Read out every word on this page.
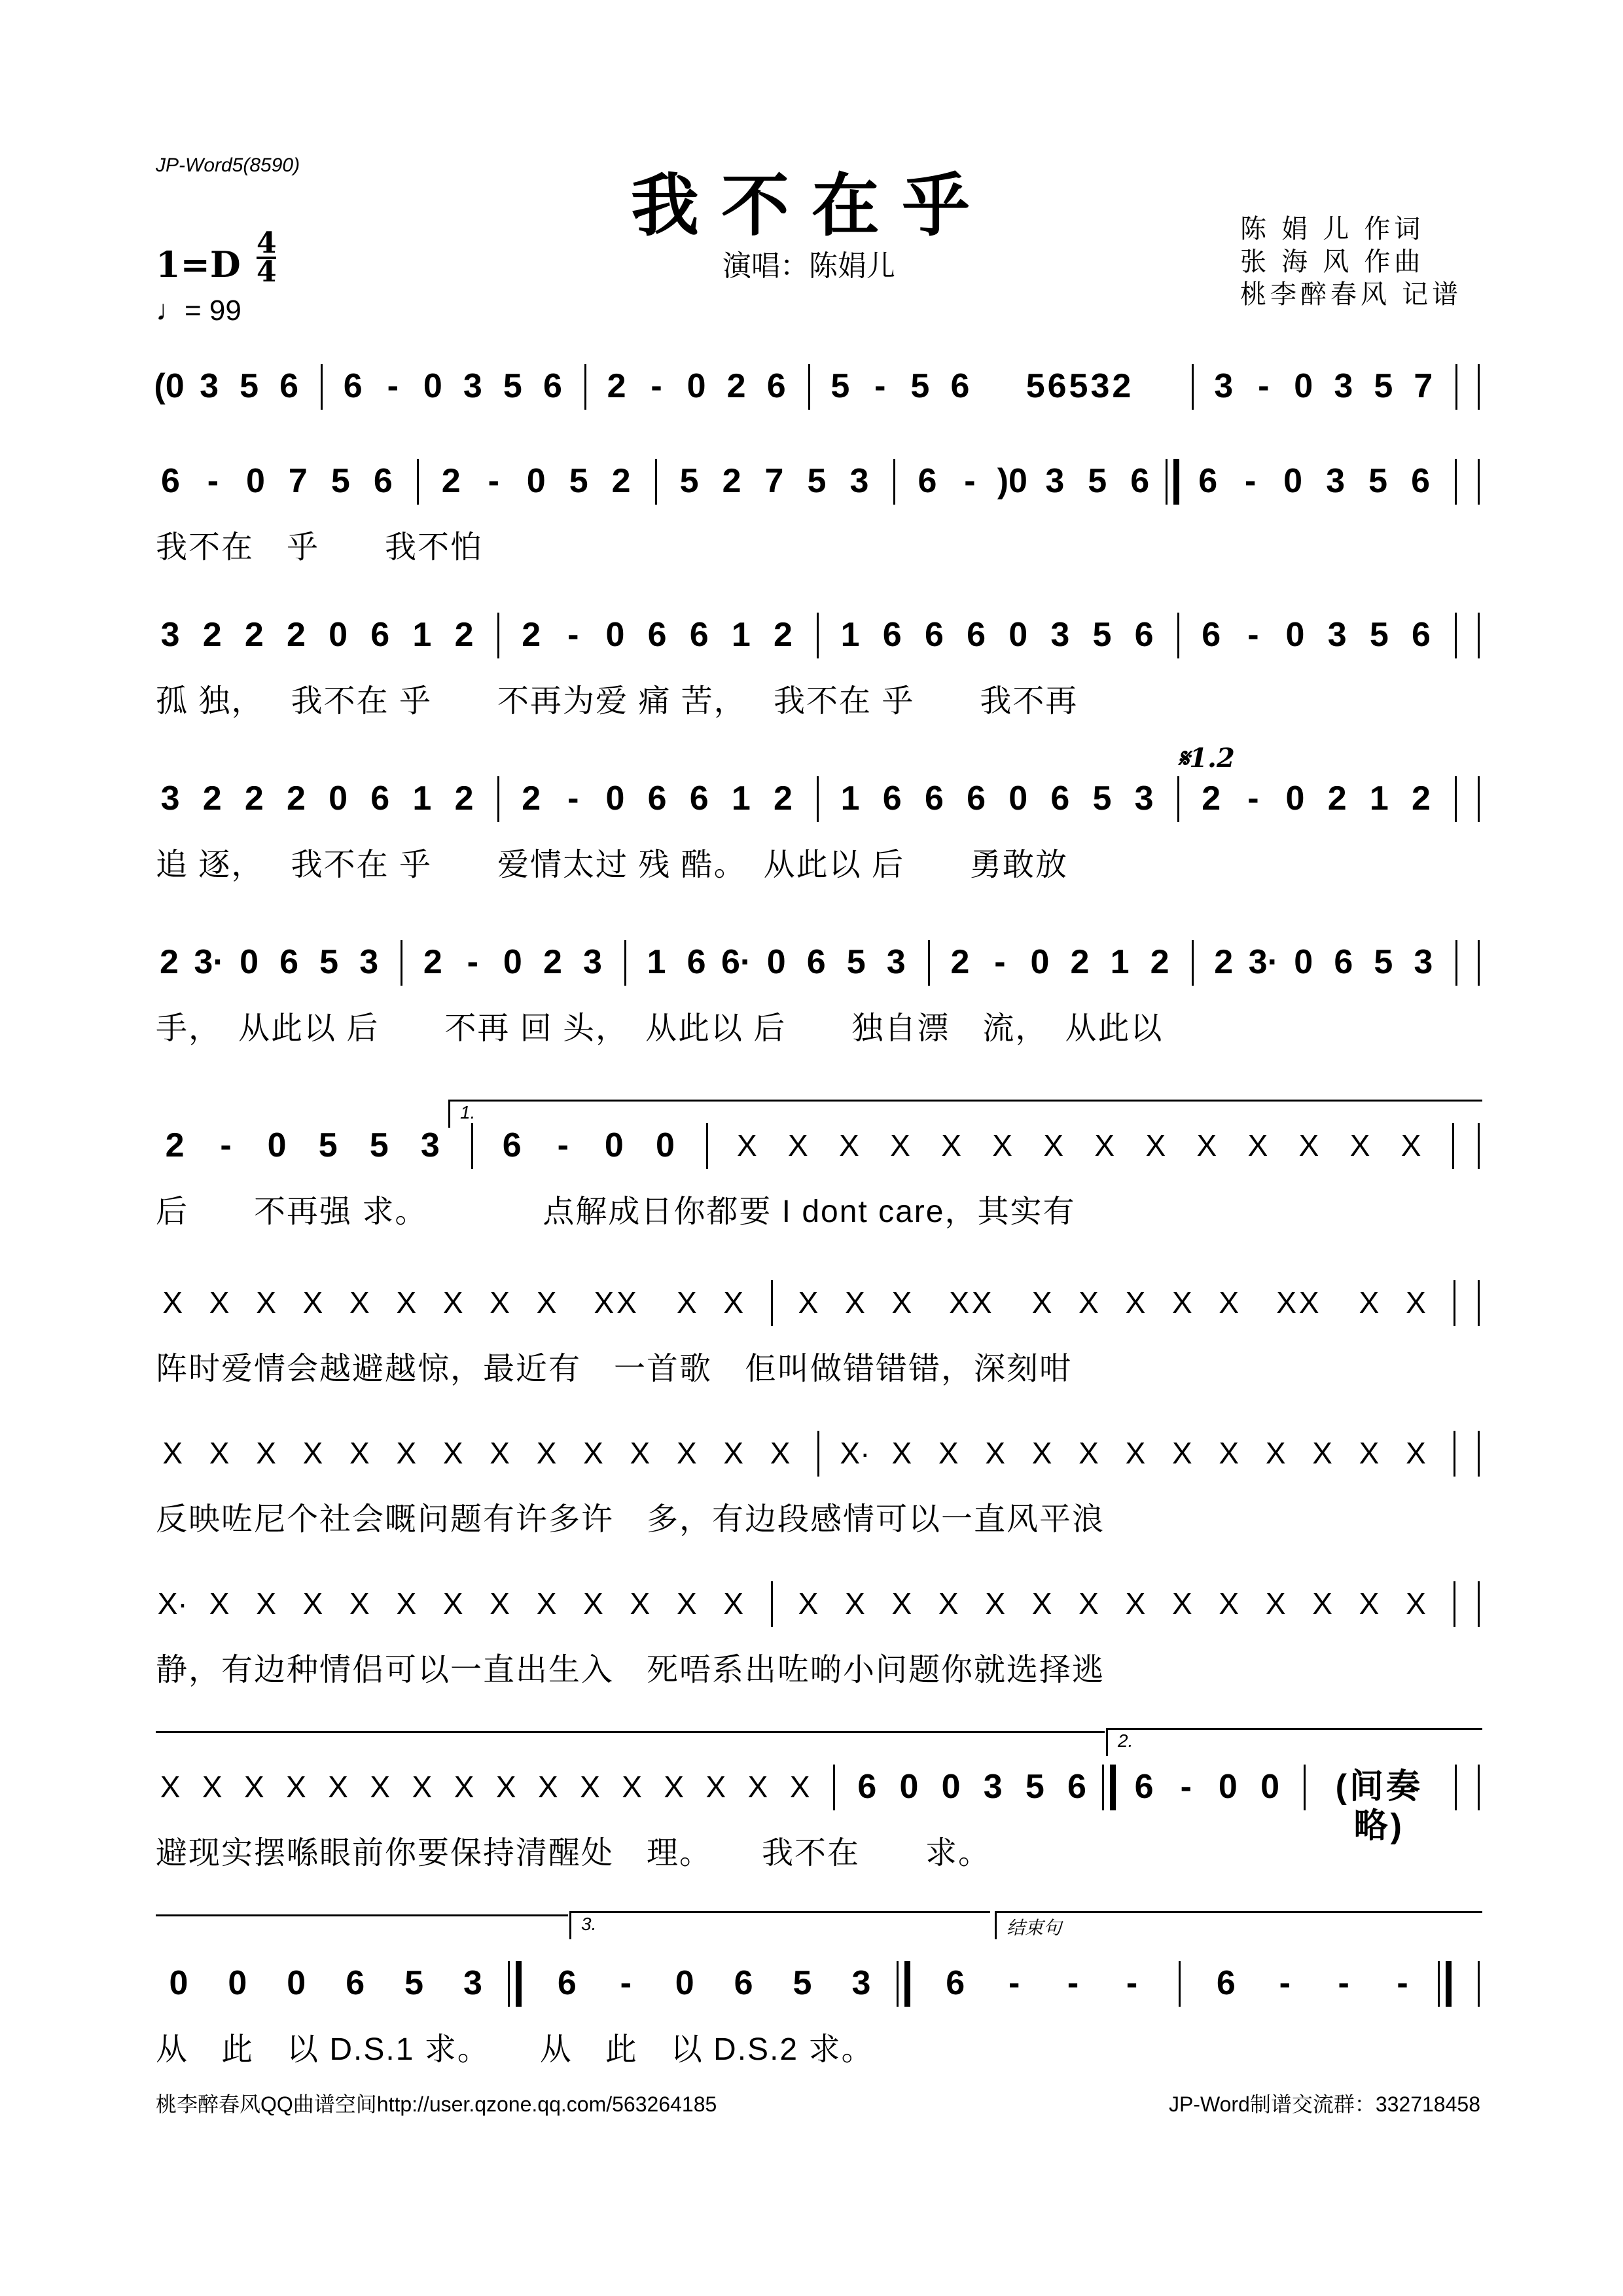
JP-Word5(8590)	我不在乎
1=D
4
4
♩= 99
演唱：陈娟儿
陈 娟 儿 作词
张 海 风 作曲
桃李醉春风 记谱
(0 3 5 6	6 - 0 3 5 6	2 - 0 2 6	5 - 5 6	56532	3 - 0 3 5 7
6 - 0 7 5 6	2 - 0 5 2	5 2 7 5 3	6 - )0 3 5 6	6 - 0 3 5 6
我不在　乎　　我不怕
3 2 2 2 0 6 1 2	2 - 0 6 6 1 2	1 6 6 6 0 3 5 6	6 - 0 3 5 6
孤 独，　 我不在 乎　　不再为爱 痛 苦，　 我不在 乎　　我不再
3 2 2 2 0 6 1 2	2 - 0 6 6 1 2	1 6 6 6 0 6 5 3	2 - 0 2 1 2
追 逐，　 我不在 乎　　爱情太过 残 酷。　从此以 后　　勇敢放
2 3· 0 6 5 3	2 - 0 2 3	1 6 6· 0 6 5 3	2 - 0 2 1 2	2 3· 0 6 5 3
手，　从此以 后　　不再 回 头，　从此以 后　　独自漂　流，　从此以
2	-	0 5 5 3	6	-	0 0	X	X	X	X	X	X	X	X	X	X	X	X	X	X
后　　不再强 求。　　　　点解成日你都要 I dont care，其实有
X X X X X X X X X	XX	X X	X X X	XX	X X X X X	XX	X X
阵时爱情会越避越惊，最近有　一首歌　佢叫做错错错，深刻咁
X X X X X X X X X X X X X X	X· X X X X X X X X X X X X
反映咗尼个社会嘅问题有许多许　多，有边段感情可以一直风平浪
X· X X X X X X X X X X X X	X X X X X X X X X X X X X X
静，有边种情侣可以一直出生入　死唔系出咗啲小问题你就选择逃
X X X X X X X X X X X X X X X X	6 0 0 3 5 6	6 - 0 0	(间奏略)
避现实摆喺眼前你要保持清醒处　理。　　我不在　　求。
0	0	0	6	5	3	6	-	0	6	5	3	6	-	-	-	6	-	-	-
从　此　以 D.S.1 求。　　从　此　以 D.S.2 求。
桃李醉春风QQ曲谱空间http://user.qzone.qq.com/563264185	JP-Word制谱交流群：332718458
𝄋1.2
1.
2.
3.	结束句
